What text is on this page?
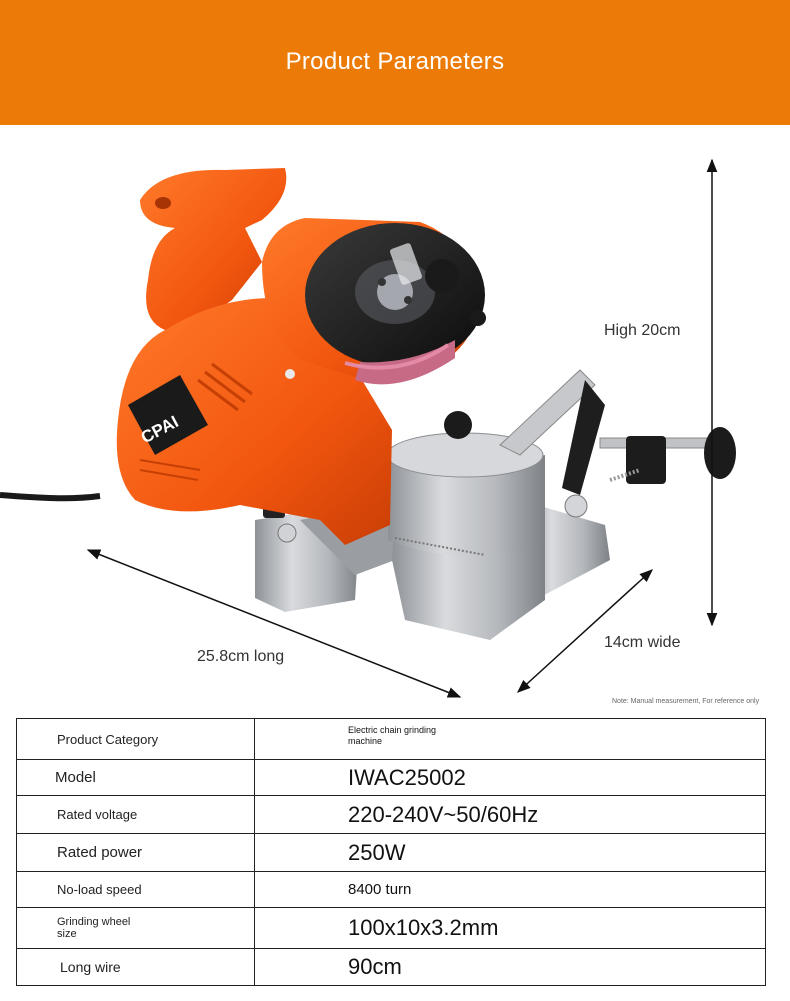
Product Parameters
CPAI
High 20cm
14cm wide
25.8cm long
Note: Manual measurement, For reference only
Product Category	Electric chain grinding machine

Model	IWAC25002
Rated voltage	220-240V~50/60Hz
Rated power	250W
No-load speed	8400 turn

Grinding wheel size	100x10x3.2mm
Long wire	90cm
